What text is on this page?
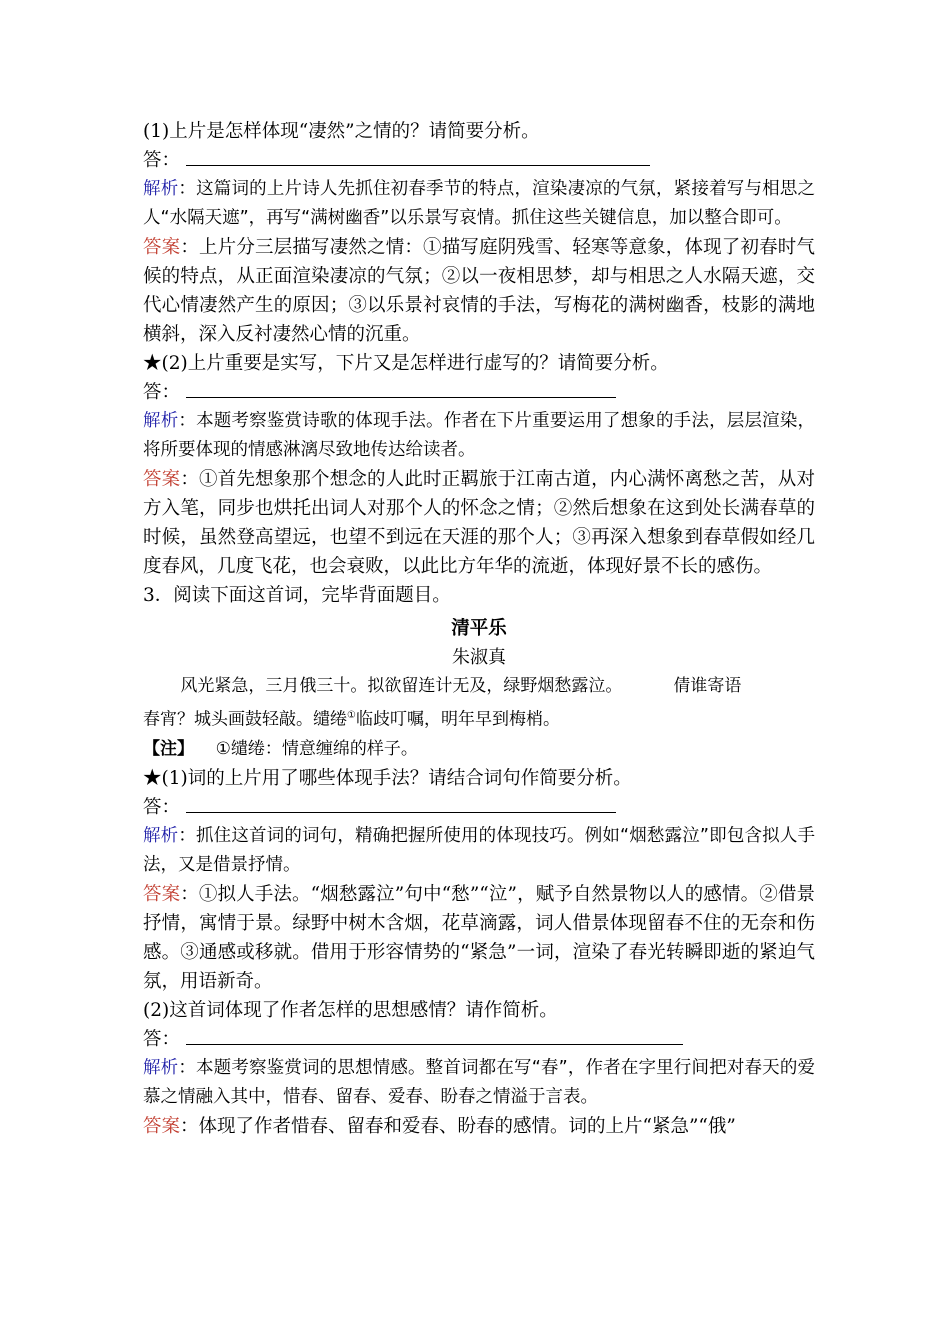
(1)上片是怎样体现“凄然”之情的？请简要分析。

答：

解析：这篇词的上片诗人先抓住初春季节的特点，渲染凄凉的气氛，紧接着写与相思之人“水隔天遮”，再写“满树幽香”以乐景写哀情。抓住这些关键信息，加以整合即可。

答案：上片分三层描写凄然之情：①描写庭阴残雪、轻寒等意象，体现了初春时气候的特点，从正面渲染凄凉的气氛；②以一夜相思梦，却与相思之人水隔天遮，交代心情凄然产生的原因；③以乐景衬哀情的手法，写梅花的满树幽香，枝影的满地横斜，深入反衬凄然心情的沉重。

★(2)上片重要是实写，下片又是怎样进行虚写的？请简要分析。

答：

解析：本题考察鉴赏诗歌的体现手法。作者在下片重要运用了想象的手法，层层渲染，将所要体现的情感淋漓尽致地传达给读者。

答案：①首先想象那个想念的人此时正羁旅于江南古道，内心满怀离愁之苦，从对方入笔，同步也烘托出词人对那个人的怀念之情；②然后想象在这到处长满春草的时候，虽然登高望远，也望不到远在天涯的那个人；③再深入想象到春草假如经几度春风，几度飞花，也会衰败，以此比方年华的流逝，体现好景不长的感伤。

3．阅读下面这首词，完毕背面题目。

清平乐

朱淑真

风光紧急，三月俄三十。拟欲留连计无及，绿野烟愁露泣。	倩谁寄语

春宵？城头画鼓轻敲。缱绻①临歧叮嘱，明年早到梅梢。

【注】 ①缱绻：情意缠绵的样子。

★(1)词的上片用了哪些体现手法？请结合词句作简要分析。

答：

解析：抓住这首词的词句，精确把握所使用的体现技巧。例如“烟愁露泣”即包含拟人手法，又是借景抒情。

答案：①拟人手法。“烟愁露泣”句中“愁”“泣”，赋予自然景物以人的感情。②借景抒情，寓情于景。绿野中树木含烟，花草滴露，词人借景体现留春不住的无奈和伤感。③通感或移就。借用于形容情势的“紧急”一词，渲染了春光转瞬即逝的紧迫气氛，用语新奇。

(2)这首词体现了作者怎样的思想感情？请作简析。

答：

解析：本题考察鉴赏词的思想情感。整首词都在写“春”，作者在字里行间把对春天的爱慕之情融入其中，惜春、留春、爱春、盼春之情溢于言表。

答案：体现了作者惜春、留春和爱春、盼春的感情。词的上片“紧急”“俄”
